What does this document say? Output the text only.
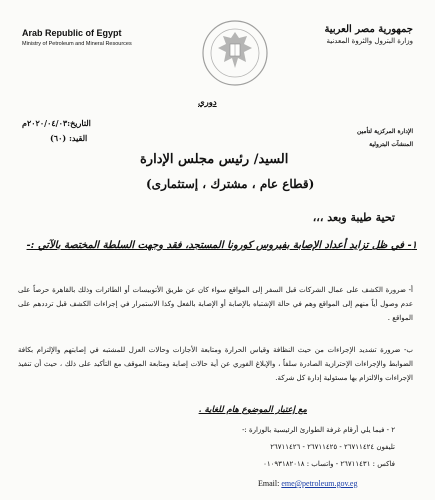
Arab Republic of Egypt
Ministry of Petroleum and Mineral Resources
جمهورية مصر العربية
وزارة البترول والثروة المعدنية
دوري
الإدارة المركزية لتأمين
المنشآت البترولية
التاريخ:٢٠٢٠/٠٤/٠٣م
القيد: (٦٠)
السيد/ رئيس مجلس الإدارة
(قطاع عام ، مشترك ، إستثمارى)
تحية طيبة وبعد ،،،
١- في ظل تزايد أعداد الإصابة بفيروس كورونا المستجد، فقد وجهت السلطة المختصة بالآتي :-
أ- ضرورة الكشف على عمال الشركات قبل السفر إلى المواقع سواء كان عن طريق الأتوبيسات أو الطائرات وذلك بالقاهرة حرصاً على عدم وصول أياً منهم إلى المواقع وهم في حالة الإشتباه بالإصابة أو الإصابة بالفعل وكذا الاستمرار في إجراءات الكشف قبل ترددهم على المواقع .
ب- ضرورة تشديد الإجراءات من حيث النظافة وقياس الحرارة ومتابعة الأجازات وحالات العزل للمشتبه في إصابتهم والإلتزام بكافة الضوابط والإجراءات الإحترازية الصادرة سلفاً ، والإبلاغ الفوري عن أية حالات إصابة ومتابعة الموقف مع التأكيد على ذلك ، حيث أن تنفيذ الإجراءات والالتزام بها مسئولية إدارة كل شركة.
مع إعتبار الموضوع هام للغاية .
٢ - فيما يلي أرقام غرفة الطوارئ الرئيسية بالوزارة :-
تليفون ٢٦٧١١٤٢٤ - ٢٦٧١١٤٢٥ - ٢٦٧١١٤٢٦
فاكس : ٢٦٧١١٤٣١ - واتساب : ٠١٠٩٣١٨٢٠١٨
Email: eme@petroleum.gov.eg
